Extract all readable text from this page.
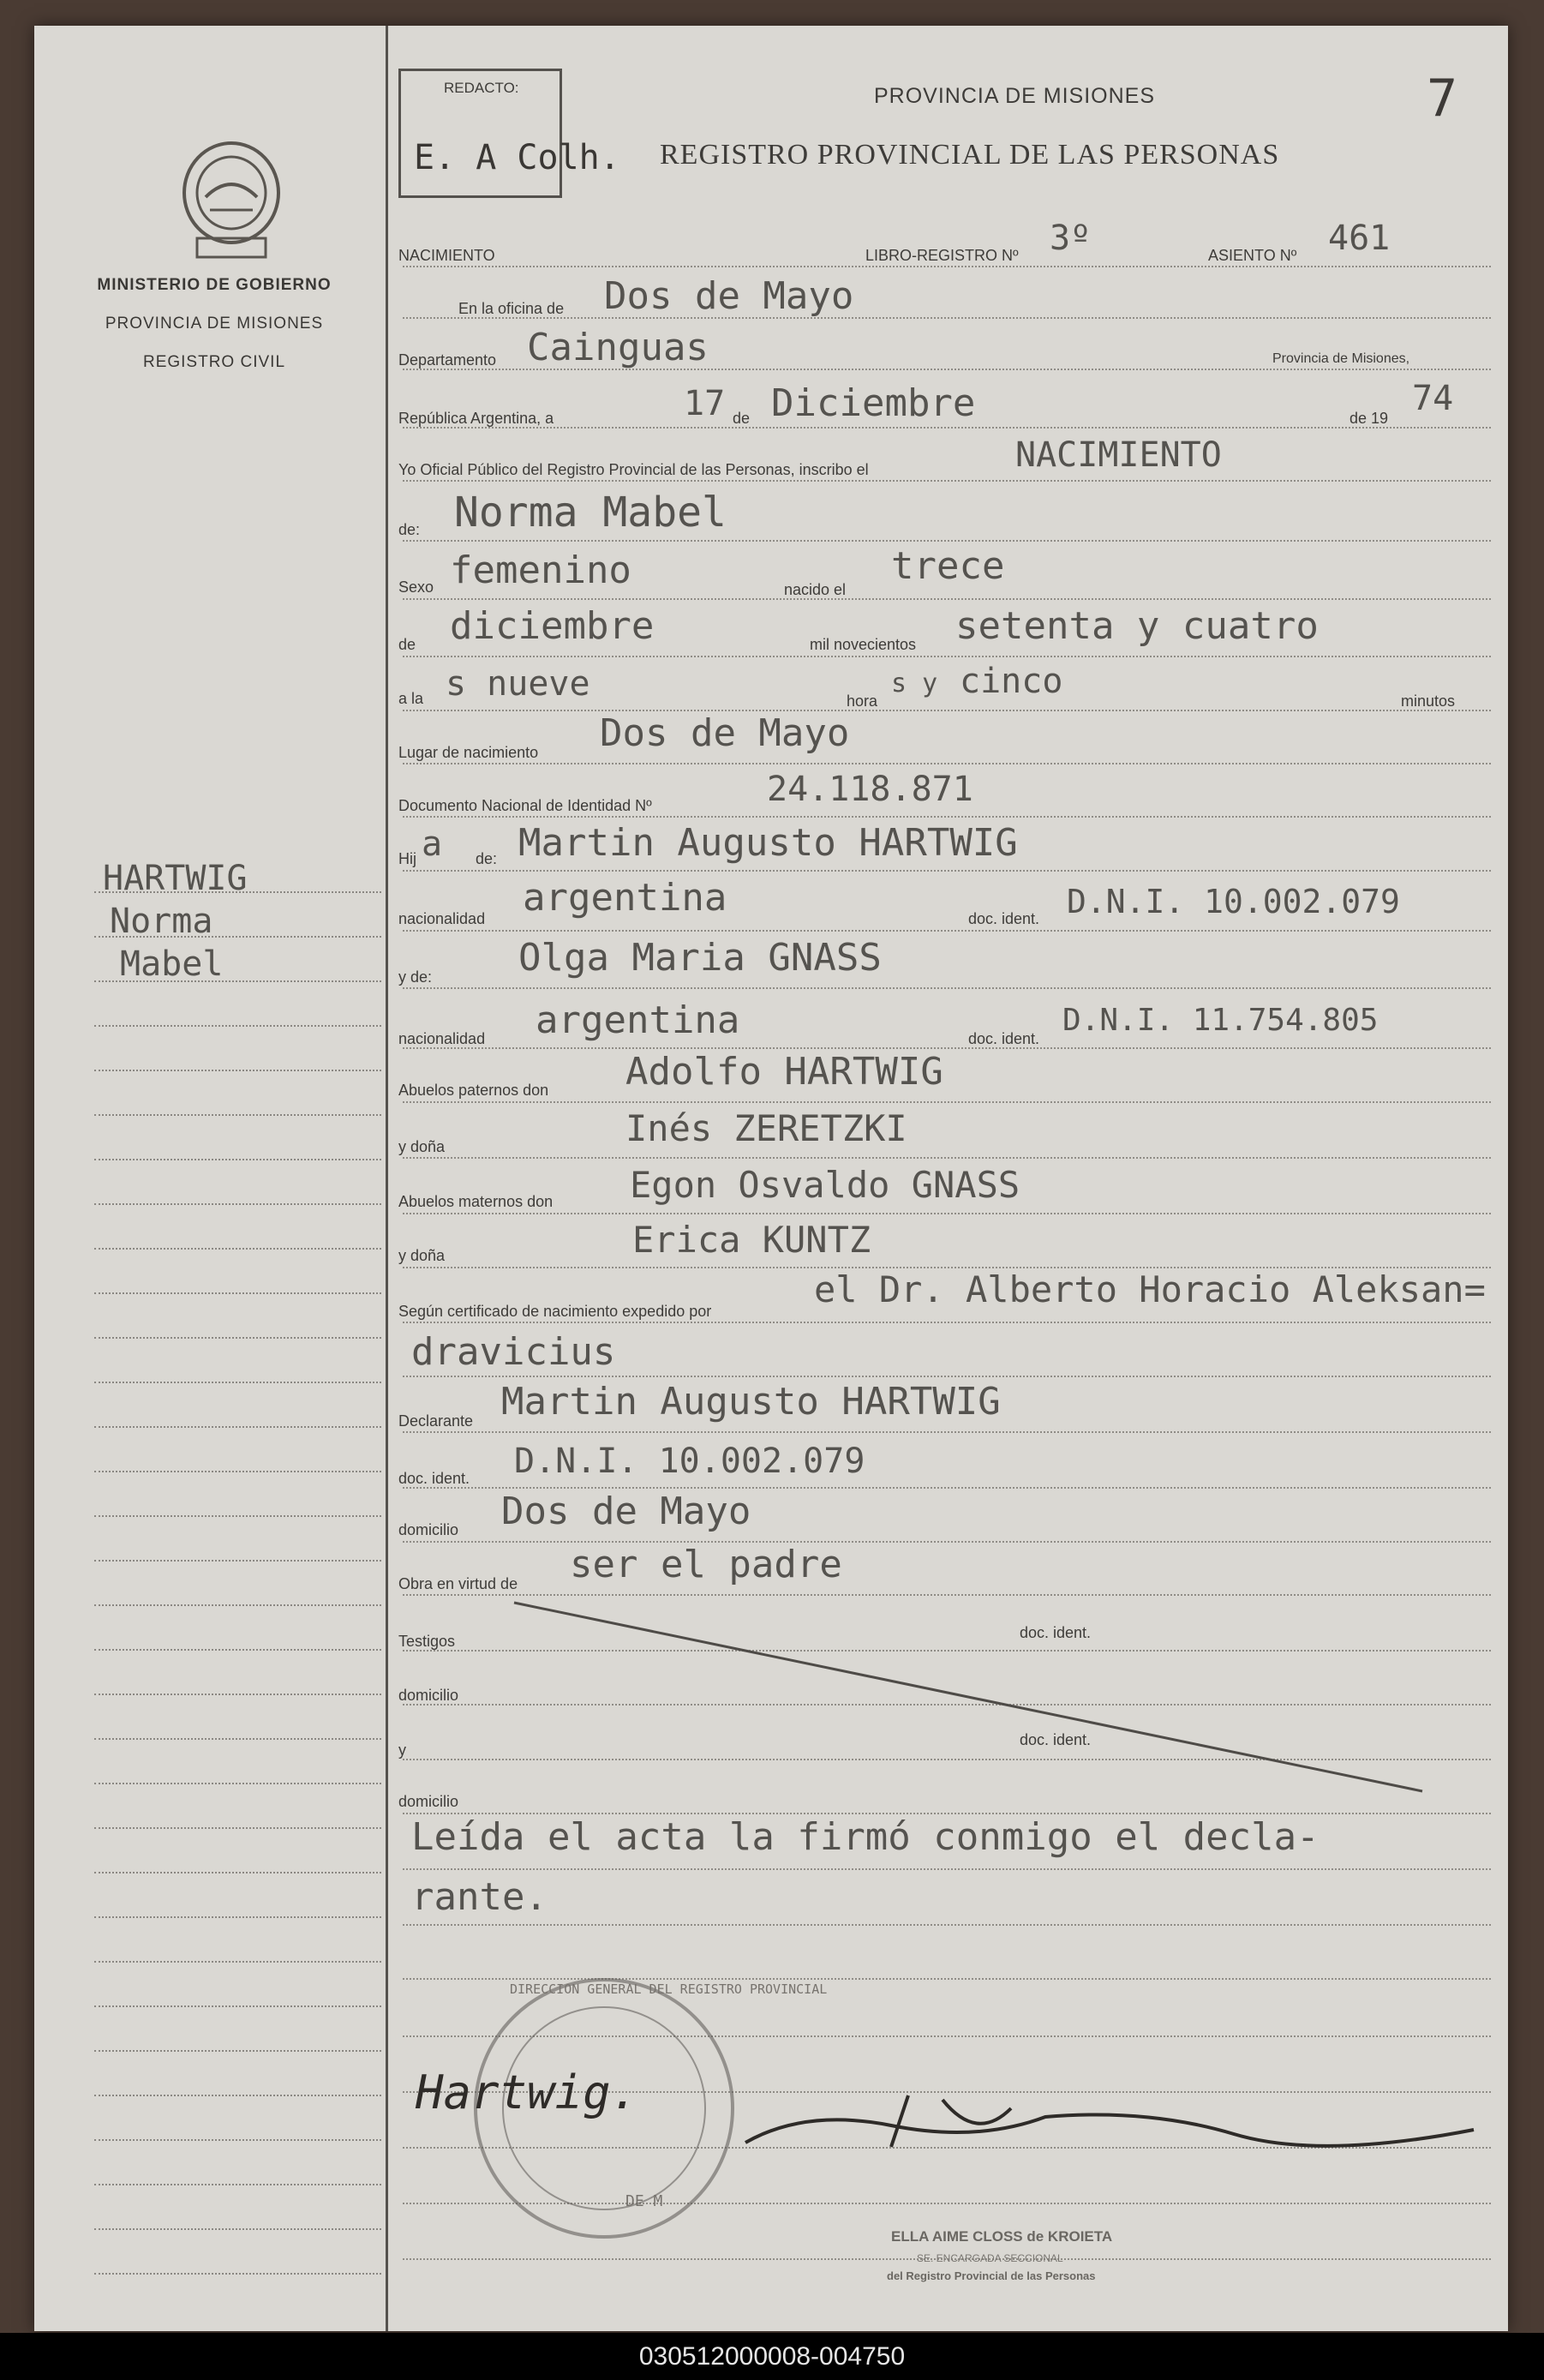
MINISTERIO DE GOBIERNO
PROVINCIA DE MISIONES
REGISTRO CIVIL
HARTWIG
Norma
Mabel
REDACTO:
E. A Colh.
PROVINCIA DE MISIONES
REGISTRO PROVINCIAL DE LAS PERSONAS
7
NACIMIENTO	LIBRO-REGISTRO Nº 3º	ASIENTO Nº 461
En la oficina de Dos de Mayo
Departamento Cainguas	Provincia de Misiones,
República Argentina, a	17 de Diciembre	de 19 74
Yo Oficial Público del Registro Provincial de las Personas, inscribo el	NACIMIENTO
de: Norma Mabel
Sexo femenino	nacido el
trece
de diciembre	mil novecientos setenta y cuatro
a la s nueve	hora
s y cinco	minutos
Lugar de nacimiento Dos de Mayo
Documento Nacional de Identidad Nº	24.118.871
Hij a de: Martin Augusto HARTWIG
nacionalidad argentina	doc. ident. D.N.I. 10.002.079
y de: Olga Maria GNASS
nacionalidad argentina	doc. ident.
D.N.I. 11.754.805
Abuelos paternos don Adolfo HARTWIG
y doña	Inés ZERETZKI
Abuelos maternos don Egon Osvaldo GNASS
y doña	Erica KUNTZ
Según certificado de nacimiento expedido por
el Dr. Alberto Horacio Aleksan=
dravicius
Declarante Martin Augusto HARTWIG
doc. ident. D.N.I. 10.002.079
domicilio Dos de Mayo
Obra en virtud de ser el padre
Testigos	doc. ident.
domicilio
y
doc. ident.
domicilio
Leída el acta la firmó conmigo el decla-
rante.
DIRECCION GENERAL DEL REGISTRO PROVINCIAL
DE M
Hartwig.
ELLA AIME CLOSS de KROIETA
SE. ENCARGADA SECCIONAL
del Registro Provincial de las Personas
030512000008-004750
